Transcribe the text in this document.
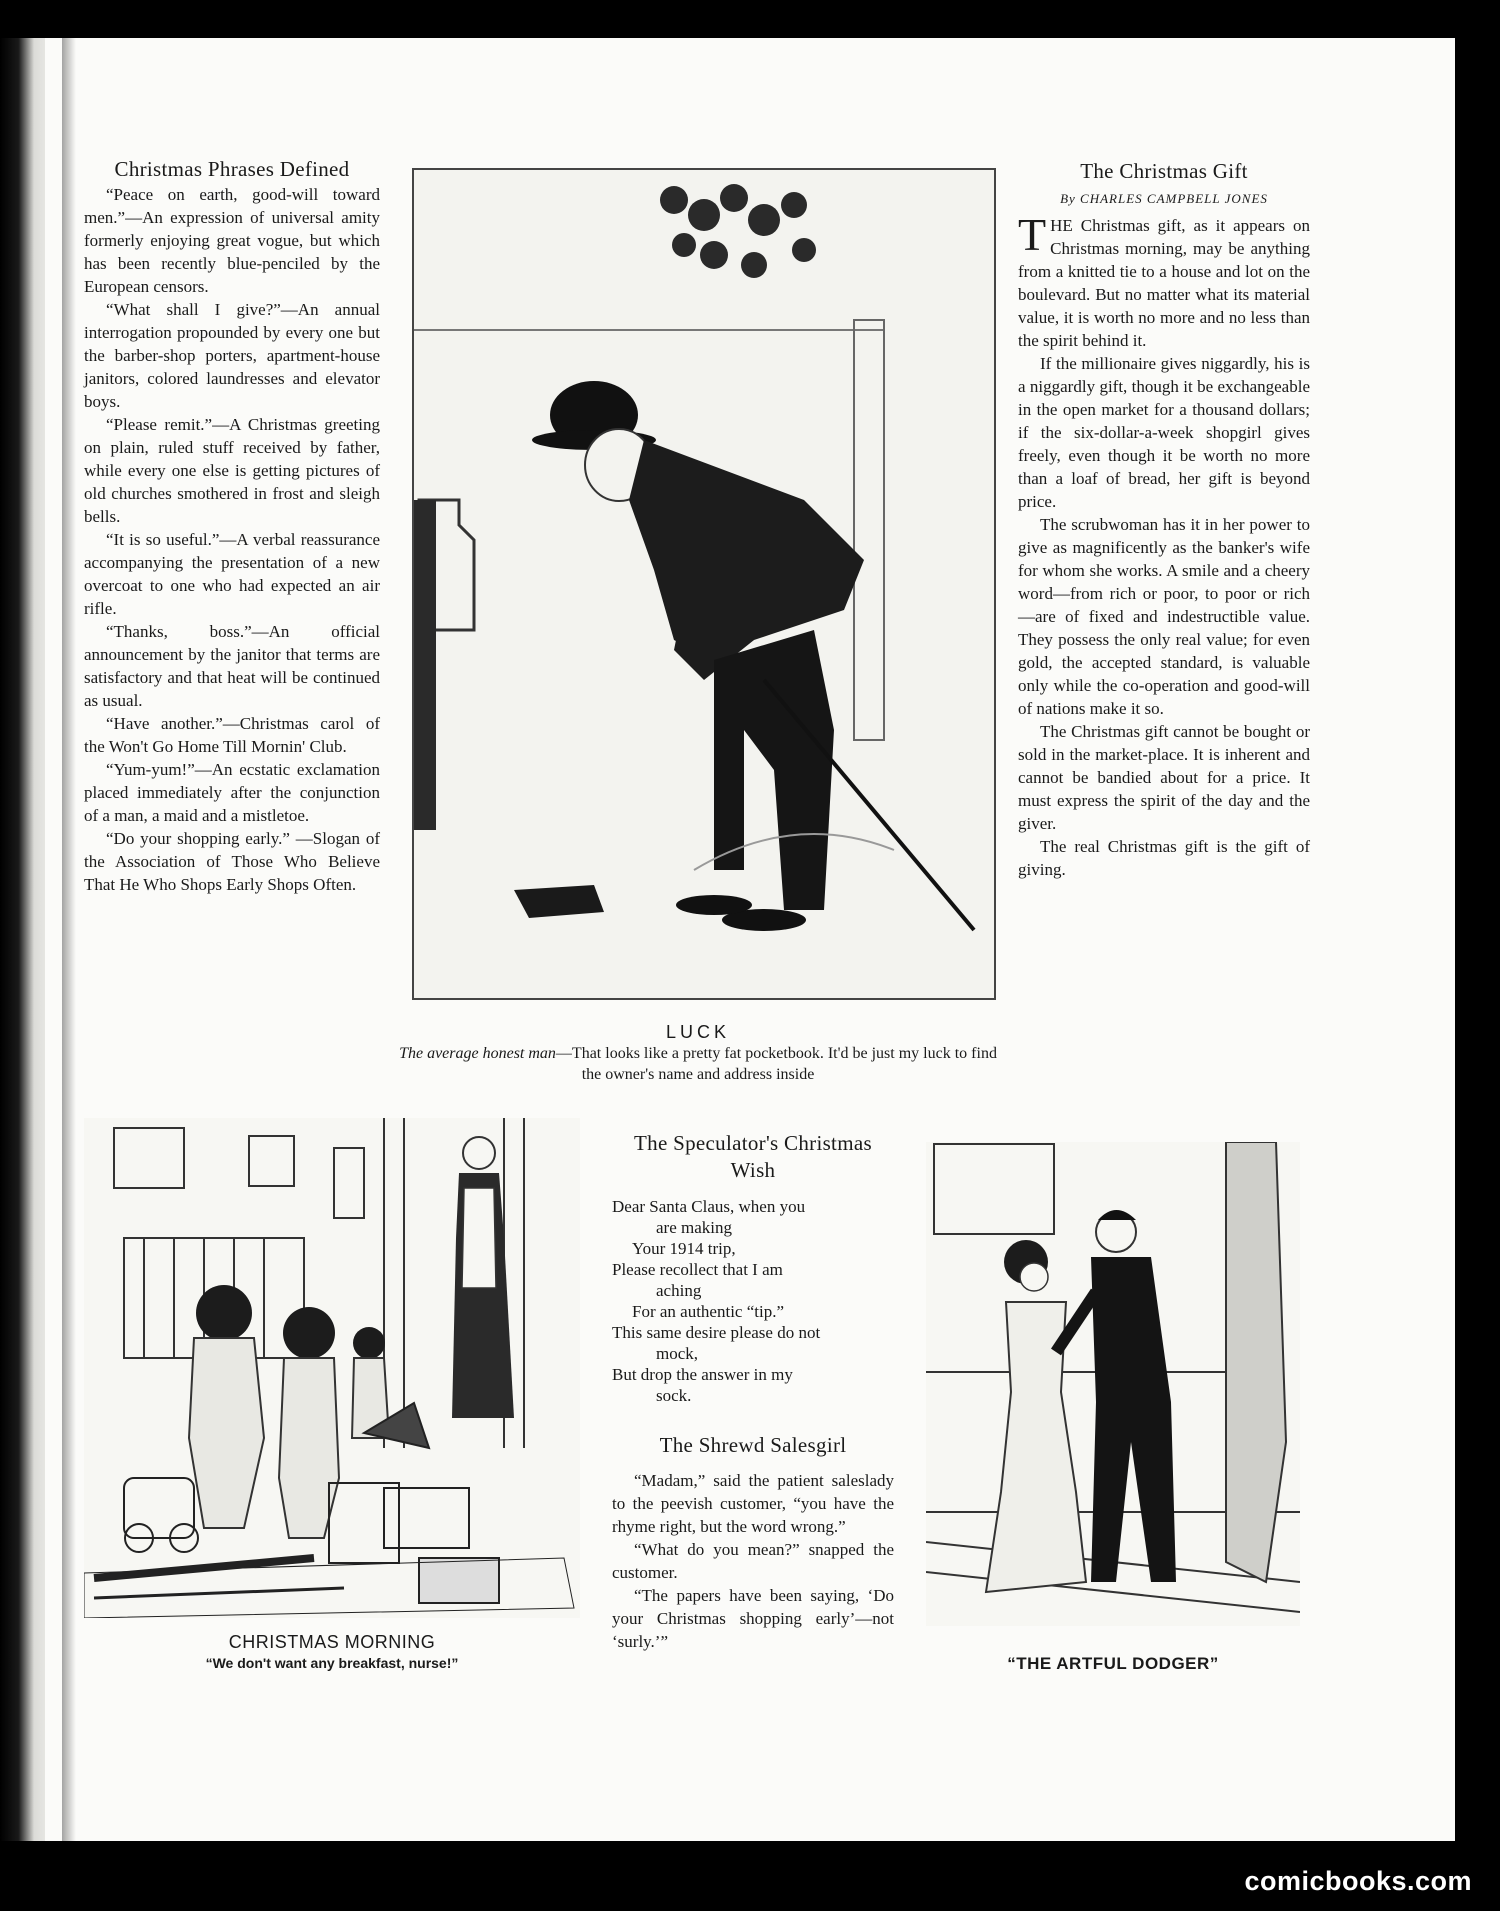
Christmas Phrases Defined

“Peace on earth, good-will toward men.”—An expression of universal amity formerly enjoying great vogue, but which has been recently blue-penciled by the European censors.

“What shall I give?”—An annual interrogation propounded by every one but the barber-shop porters, apartment-house janitors, colored laundresses and elevator boys.

“Please remit.”—A Christmas greeting on plain, ruled stuff received by father, while every one else is getting pictures of old churches smothered in frost and sleigh bells.

“It is so useful.”—A verbal reassurance accompanying the presentation of a new overcoat to one who had expected an air rifle.

“Thanks, boss.”—An official announcement by the janitor that terms are satisfactory and that heat will be continued as usual.

“Have another.”—Christmas carol of the Won't Go Home Till Mornin' Club.

“Yum-yum!”—An ecstatic exclamation placed immediately after the conjunction of a man, a maid and a mistletoe.

“Do your shopping early.” —Slogan of the Association of Those Who Believe That He Who Shops Early Shops Often.

LUCK
The average honest man—That looks like a pretty fat pocketbook. It'd be just my luck to find the owner's name and address inside
The Christmas Gift
By CHARLES CAMPBELL JONES

THE Christmas gift, as it appears on Christmas morning, may be anything from a knitted tie to a house and lot on the boulevard. But no matter what its material value, it is worth no more and no less than the spirit behind it.

If the millionaire gives niggardly, his is a niggardly gift, though it be exchangeable in the open market for a thousand dollars; if the six-dollar-a-week shopgirl gives freely, even though it be worth no more than a loaf of bread, her gift is beyond price.

The scrubwoman has it in her power to give as magnificently as the banker's wife for whom she works. A smile and a cheery word—from rich or poor, to poor or rich—are of fixed and indestructible value. They possess the only real value; for even gold, the accepted standard, is valuable only while the co-operation and good-will of nations make it so.

The Christmas gift cannot be bought or sold in the market-place. It is inherent and cannot be bandied about for a price. It must express the spirit of the day and the giver.

The real Christmas gift is the gift of giving.

CHRISTMAS MORNING
“We don't want any breakfast, nurse!”
The Speculator's Christmas Wish
Dear Santa Claus, when you
are making
Your 1914 trip,
Please recollect that I am
aching
For an authentic “tip.”
This same desire please do not
mock,
But drop the answer in my
sock.
The Shrewd Salesgirl

“Madam,” said the patient saleslady to the peevish customer, “you have the rhyme right, but the word wrong.”

“What do you mean?” snapped the customer.

“The papers have been saying, ‘Do your Christmas shopping early’—not ‘surly.’”

“THE ARTFUL DODGER”
comicbooks.com
